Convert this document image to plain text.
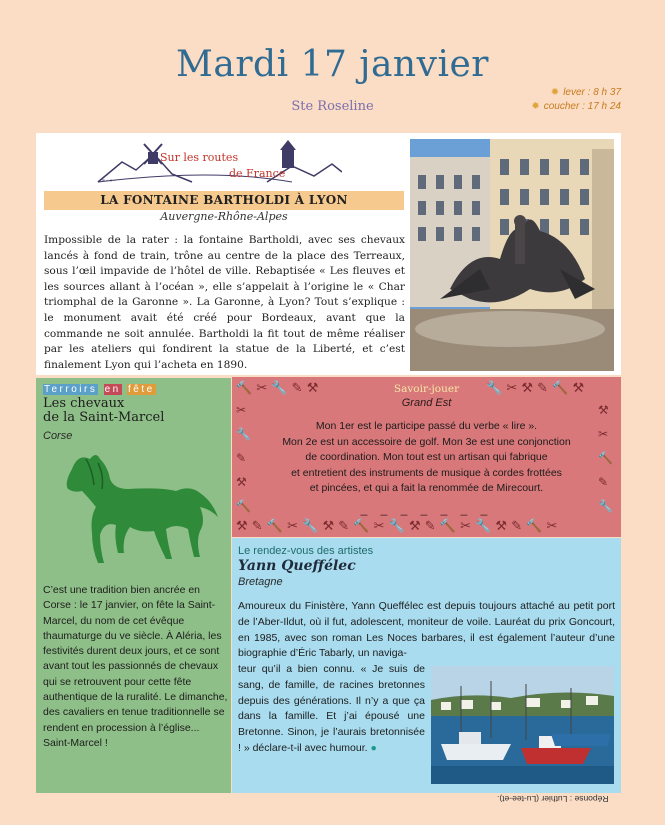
Mardi 17 janvier
Ste Roseline
✹ lever : 8 h 37
✹ coucher : 17 h 24
≡ ◦ ○ ◦
Sur les routes
de France
LA FONTAINE BARTHOLDI À LYON
Auvergne-Rhône-Alpes
Impossible de la rater : la fontaine Bartholdi, avec ses chevaux lancés à fond de train, trône au centre de la place des Terreaux, sous l’œil impavide de l’hôtel de ville. Rebaptisée « Les fleuves et les sources allant à l’océan », elle s’appelait à l’origine le « Char triomphal de la Garonne ». La Garonne, à Lyon? Tout s’explique : le monument avait été créé pour Bordeaux, avant que la commande ne soit annulée. Bartholdi la fit tout de même réaliser par les ateliers qui fondirent la statue de la Liberté, et c’est finalement Lyon qui l’acheta en 1890.
Terroirs en fête
Les chevaux
de la Saint-Marcel
Corse
C’est une tradition bien ancrée en Corse : le 17 janvier, on fête la Saint-Marcel, du nom de cet évêque thaumaturge du ve siècle. À Aléria, les festivités durent deux jours, et ce sont avant tout les passionnés de chevaux qui se retrouvent pour cette fête authentique de la ruralité. Le dimanche, des cavaliers en tenue traditionnelle se rendent en procession à l’église... Saint-Marcel !
🔨 ✂ 🔧 ✎ ⚒	🔧 ✂ ⚒ ✎ 🔨 ⚒
⚒ ✎ 🔨 ✂ 🔧 ⚒ ✎ 🔨 ✂ 🔧 ⚒ ✎ 🔨 ✂ 🔧 ⚒ ✎ 🔨 ✂
✂
🔧
✎
⚒
🔨
⚒
✂
🔨
✎
🔧
Savoir-jouer
Grand Est
Mon 1er est le participe passé du verbe « lire ».
Mon 2e est un accessoire de golf. Mon 3e est une conjonction
de coordination. Mon tout est un artisan qui fabrique
et entretient des instruments de musique à cordes frottées
et pincées, et qui a fait la renommée de Mirecourt.
_ _ _ _ _ _ _
Le rendez-vous des artistes
Yann Queffélec
Bretagne
Amoureux du Finistère, Yann Queffélec est depuis toujours attaché au petit port de l’Aber-Ildut, où il fut, adolescent, moniteur de voile. Lauréat du prix Goncourt, en 1985, avec son roman Les Noces barbares, il est également l’auteur d’une biographie d’Éric Tabarly, un naviga-
teur qu’il a bien connu. « Je suis de sang, de famille, de racines bretonnes depuis des générations. Il n’y a que ça dans la famille. Et j’ai épousé une Bretonne. Sinon, je l’aurais bretonnisée ! » déclare-t-il avec humour. ●
Réponse : Luthier (Lu-tee-et).
